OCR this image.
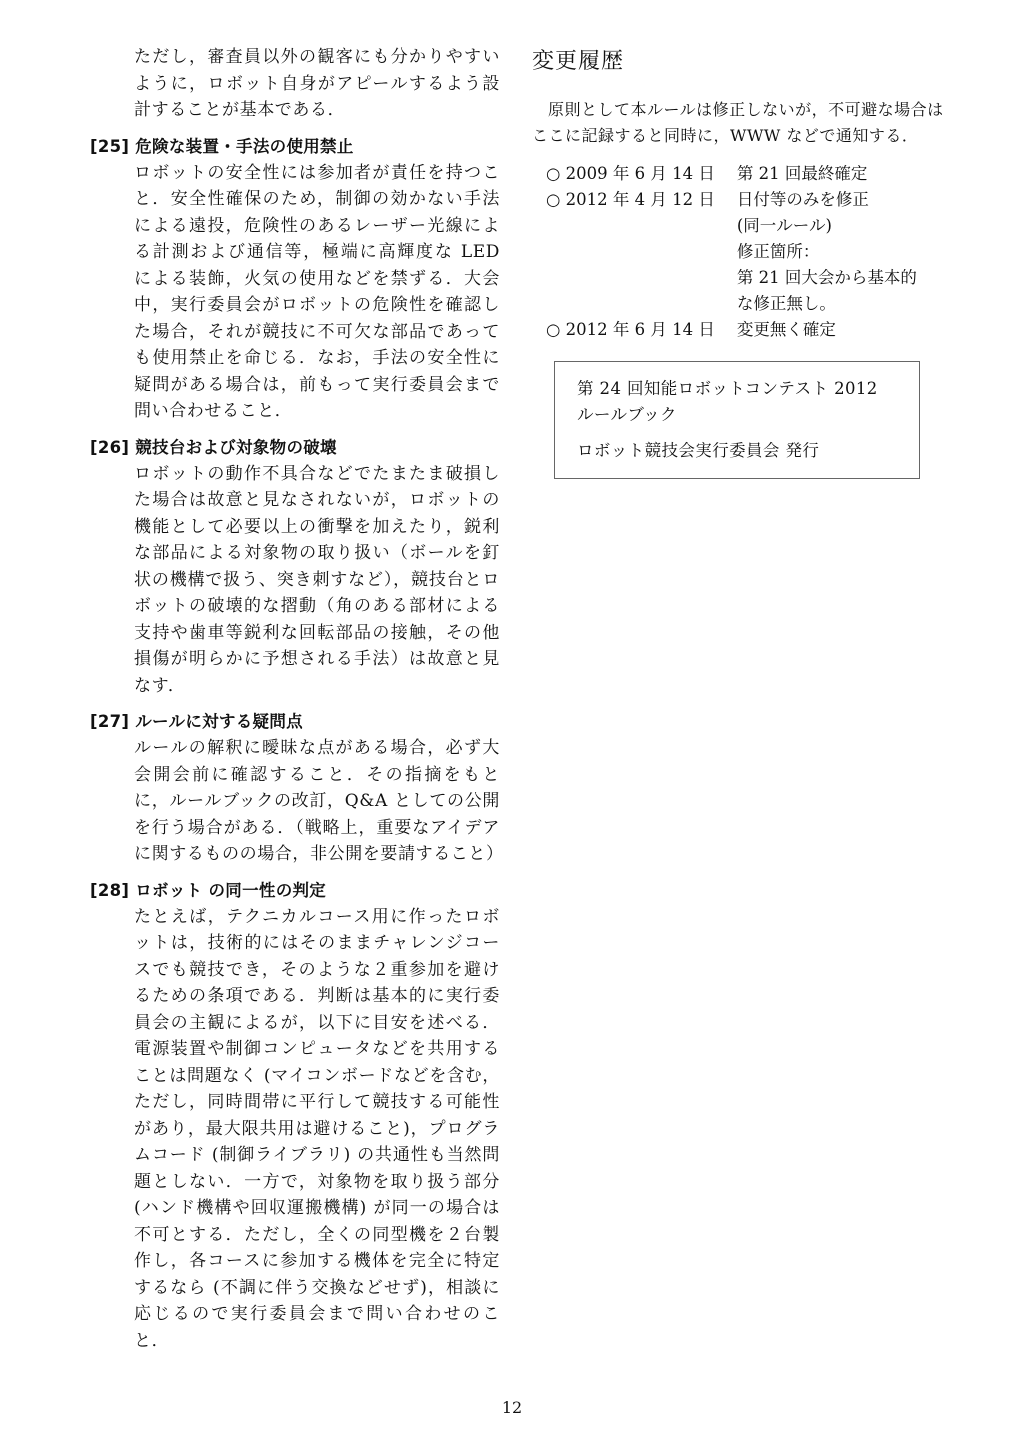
ただし，審査員以外の観客にも分かりやすいように，ロボット自身がアピールするよう設計することが基本である．

[25] 危険な装置・手法の使用禁止

ロボットの安全性には参加者が責任を持つこと．安全性確保のため，制御の効かない手法による遠投，危険性のあるレーザー光線による計測および通信等，極端に高輝度な LED による装飾，火気の使用などを禁ずる．大会中，実行委員会がロボットの危険性を確認した場合，それが競技に不可欠な部品であっても使用禁止を命じる．なお，手法の安全性に疑問がある場合は，前もって実行委員会まで問い合わせること．

[26] 競技台および対象物の破壊

ロボットの動作不具合などでたまたま破損した場合は故意と見なされないが，ロボットの機能として必要以上の衝撃を加えたり，鋭利な部品による対象物の取り扱い（ボールを釘状の機構で扱う、突き刺すなど），競技台とロボットの破壊的な摺動（角のある部材による支持や歯車等鋭利な回転部品の接触，その他損傷が明らかに予想される手法）は故意と見なす．

[27] ルールに対する疑問点

ルールの解釈に曖昧な点がある場合，必ず大会開会前に確認すること．その指摘をもとに，ルールブックの改訂，Q&A としての公開を行う場合がある．（戦略上，重要なアイデアに関するものの場合，非公開を要請すること）

[28] ロボット の同一性の判定

たとえば，テクニカルコース用に作ったロボットは，技術的にはそのままチャレンジコースでも競技でき，そのような２重参加を避けるための条項である．判断は基本的に実行委員会の主観によるが，以下に目安を述べる．電源装置や制御コンピュータなどを共用することは問題なく (マイコンボードなどを含む，ただし，同時間帯に平行して競技する可能性があり，最大限共用は避けること)，プログラムコード (制御ライブラリ) の共通性も当然問題としない．一方で，対象物を取り扱う部分 (ハンド機構や回収運搬機構) が同一の場合は不可とする．ただし，全くの同型機を２台製作し，各コースに参加する機体を完全に特定するなら (不調に伴う交換などせず)，相談に応じるので実行委員会まで問い合わせのこと．

変更履歴

原則として本ルールは修正しないが，不可避な場合はここに記録すると同時に，WWW などで通知する．

○ 2009 年 6 月 14 日	第 21 回最終確定

○ 2012 年 4 月 12 日	日付等のみを修正
(同一ルール)
修正箇所：
第 21 回大会から基本的な修正無し。

○ 2012 年 6 月 14 日	変更無く確定

第 24 回知能ロボットコンテスト 2012 ルールブック

ロボット競技会実行委員会 発行

12
